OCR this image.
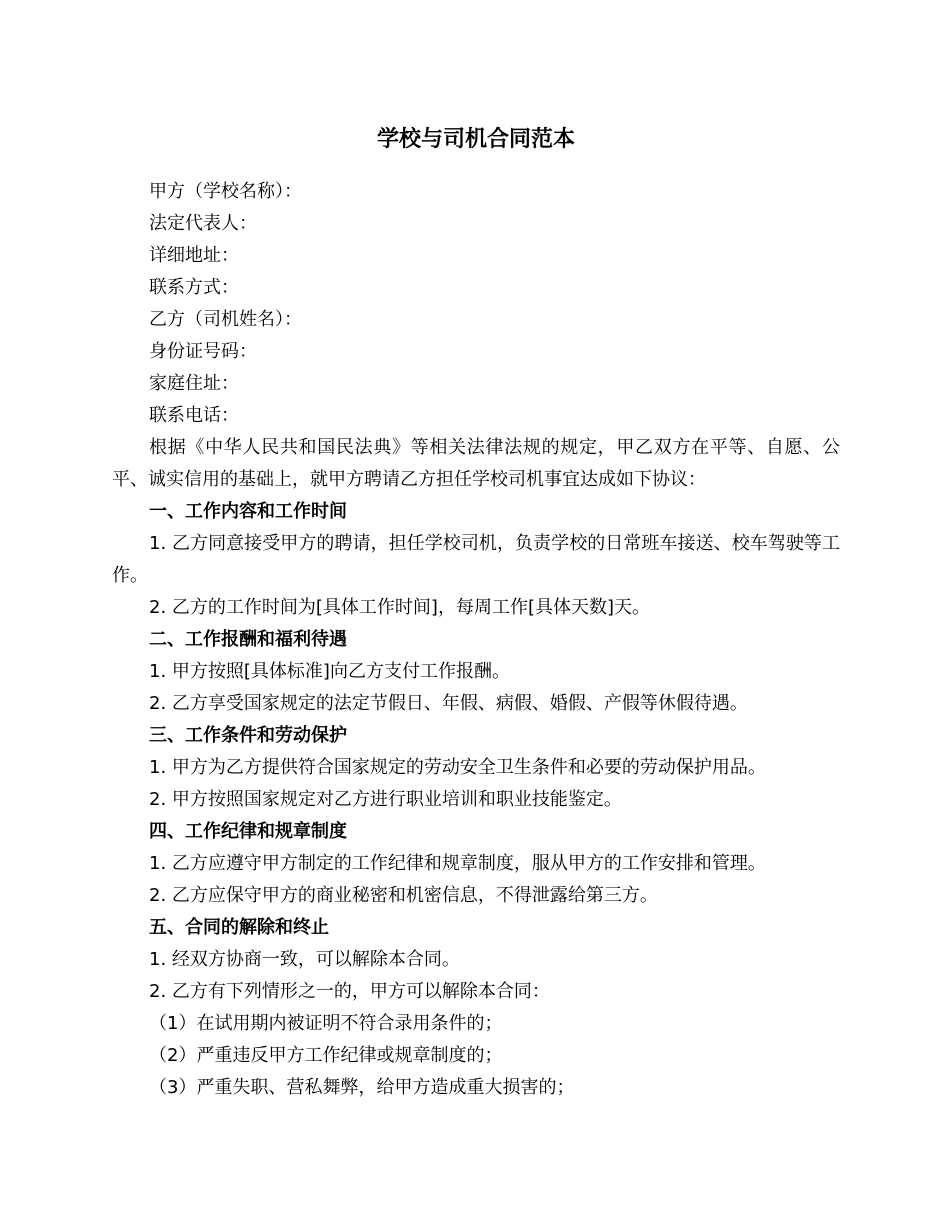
学校与司机合同范本

甲方（学校名称）：

法定代表人：

详细地址：

联系方式：

乙方（司机姓名）：

身份证号码：

家庭住址：

联系电话：

根据《中华人民共和国民法典》等相关法律法规的规定，甲乙双方在平等、自愿、公平、诚实信用的基础上，就甲方聘请乙方担任学校司机事宜达成如下协议：

一、工作内容和工作时间

1. 乙方同意接受甲方的聘请，担任学校司机，负责学校的日常班车接送、校车驾驶等工作。

2. 乙方的工作时间为[具体工作时间]，每周工作[具体天数]天。

二、工作报酬和福利待遇

1. 甲方按照[具体标准]向乙方支付工作报酬。

2. 乙方享受国家规定的法定节假日、年假、病假、婚假、产假等休假待遇。

三、工作条件和劳动保护

1. 甲方为乙方提供符合国家规定的劳动安全卫生条件和必要的劳动保护用品。

2. 甲方按照国家规定对乙方进行职业培训和职业技能鉴定。

四、工作纪律和规章制度

1. 乙方应遵守甲方制定的工作纪律和规章制度，服从甲方的工作安排和管理。

2. 乙方应保守甲方的商业秘密和机密信息，不得泄露给第三方。

五、合同的解除和终止

1. 经双方协商一致，可以解除本合同。

2. 乙方有下列情形之一的，甲方可以解除本合同：

（1）在试用期内被证明不符合录用条件的；

（2）严重违反甲方工作纪律或规章制度的；

（3）严重失职、营私舞弊，给甲方造成重大损害的；
